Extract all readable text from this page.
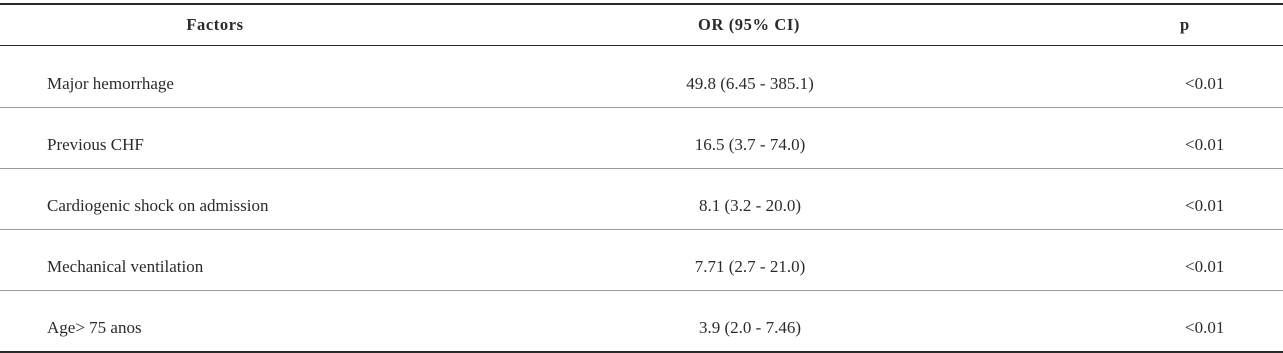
Factors	OR (95% CI)	p
Major hemorrhage	49.8 (6.45 - 385.1)	<0.01
Previous CHF	16.5 (3.7 - 74.0)	<0.01
Cardiogenic shock on admission	8.1 (3.2 - 20.0)	<0.01
Mechanical ventilation	7.71 (2.7 - 21.0)	<0.01
Age> 75 anos	3.9 (2.0 - 7.46)	<0.01
